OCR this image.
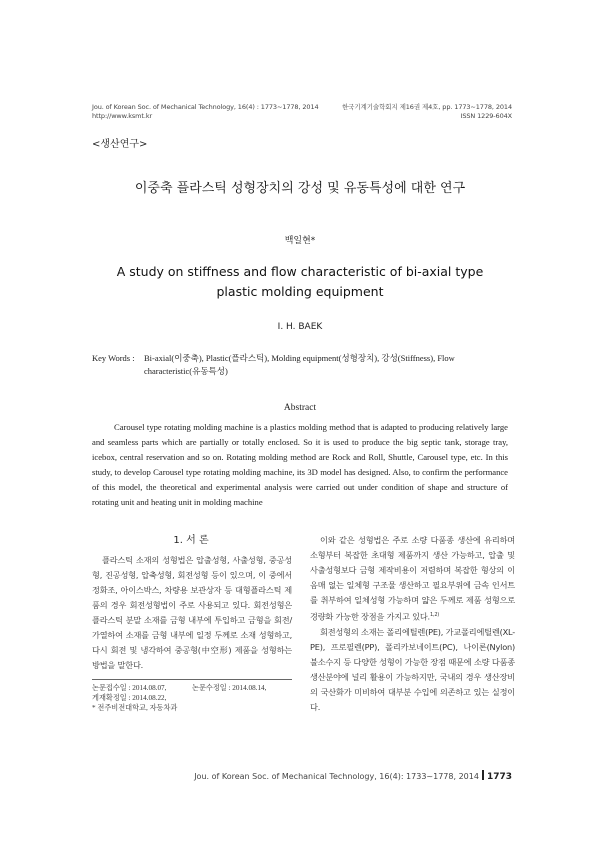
Jou. of Korean Soc. of Mechanical Technology, 16(4) : 1773~1778, 2014
http://www.ksmt.kr
한국기계기술학회지 제16권 제4호, pp. 1773~1778, 2014
ISSN 1229-604X
<생산연구>
이중축 플라스틱 성형장치의 강성 및 유동특성에 대한 연구
백일현*
A study on stiffness and flow characteristic of bi-axial type
plastic molding equipment
I. H. BAEK
Key Words : Bi-axial(이중축), Plastic(플라스틱), Molding equipment(성형장치), 강성(Stiffness), Flow
characteristic(유동특성)
Abstract
Carousel type rotating molding machine is a plastics molding method that is adapted to producing relatively large and seamless parts which are partially or totally enclosed. So it is used to produce the big septic tank, storage tray, icebox, central reservation and so on. Rotating molding method are Rock and Roll, Shuttle, Carousel type, etc. In this study, to develop Carousel type rotating molding machine, its 3D model has designed. Also, to confirm the performance of this model, the theoretical and experimental analysis were carried out under condition of shape and structure of rotating unit and heating unit in molding machine
1. 서 론

플라스틱 소재의 성형법은 압출성형, 사출성형, 중공성형, 진공성형, 압축성형, 회전성형 등이 있으며, 이 중에서 정화조, 아이스박스, 차량용 보관상자 등 대형플라스틱 제품의 경우 회전성형법이 주로 사용되고 있다. 회전성형은 플라스틱 분말 소재를 금형 내부에 투입하고 금형을 회전/가열하여 소재를 금형 내부에 일정 두께로 소재 성형하고, 다시 회전 및 냉각하여 중공형(中空形) 제품을 성형하는 방법을 말한다.

논문접수일 : 2014.08.07,	논문수정일 : 2014.08.14,
게재확정일 : 2014.08.22,
* 전주비전대학교, 자동차과

이와 같은 성형법은 주로 소량 다품종 생산에 유리하며 소형부터 복잡한 초대형 제품까지 생산 가능하고, 압출 및 사출성형보다 금형 제작비용이 저렴하며 복잡한 형상의 이음매 없는 일체형 구조물 생산하고 필요부위에 금속 인서트를 취부하여 일체성형 가능하며 얇은 두께로 제품 성형으로 경량화 가능한 장점을 가지고 있다.$^{1,2)}$

회전성형의 소재는 폴리에틸렌(PE), 가교폴리에틸렌(XL-PE), 프로필렌(PP), 폴리카보네이트(PC), 나이론(Nylon) 불소수지 등 다양한 성형이 가능한 장점 때문에 소량 다품종 생산분야에 널리 활용이 가능하지만, 국내의 경우 생산장비의 국산화가 미비하여 대부분 수입에 의존하고 있는 실정이다.

Jou. of Korean Soc. of Mechanical Technology, 16(4): 1733~1778, 2014 1773
